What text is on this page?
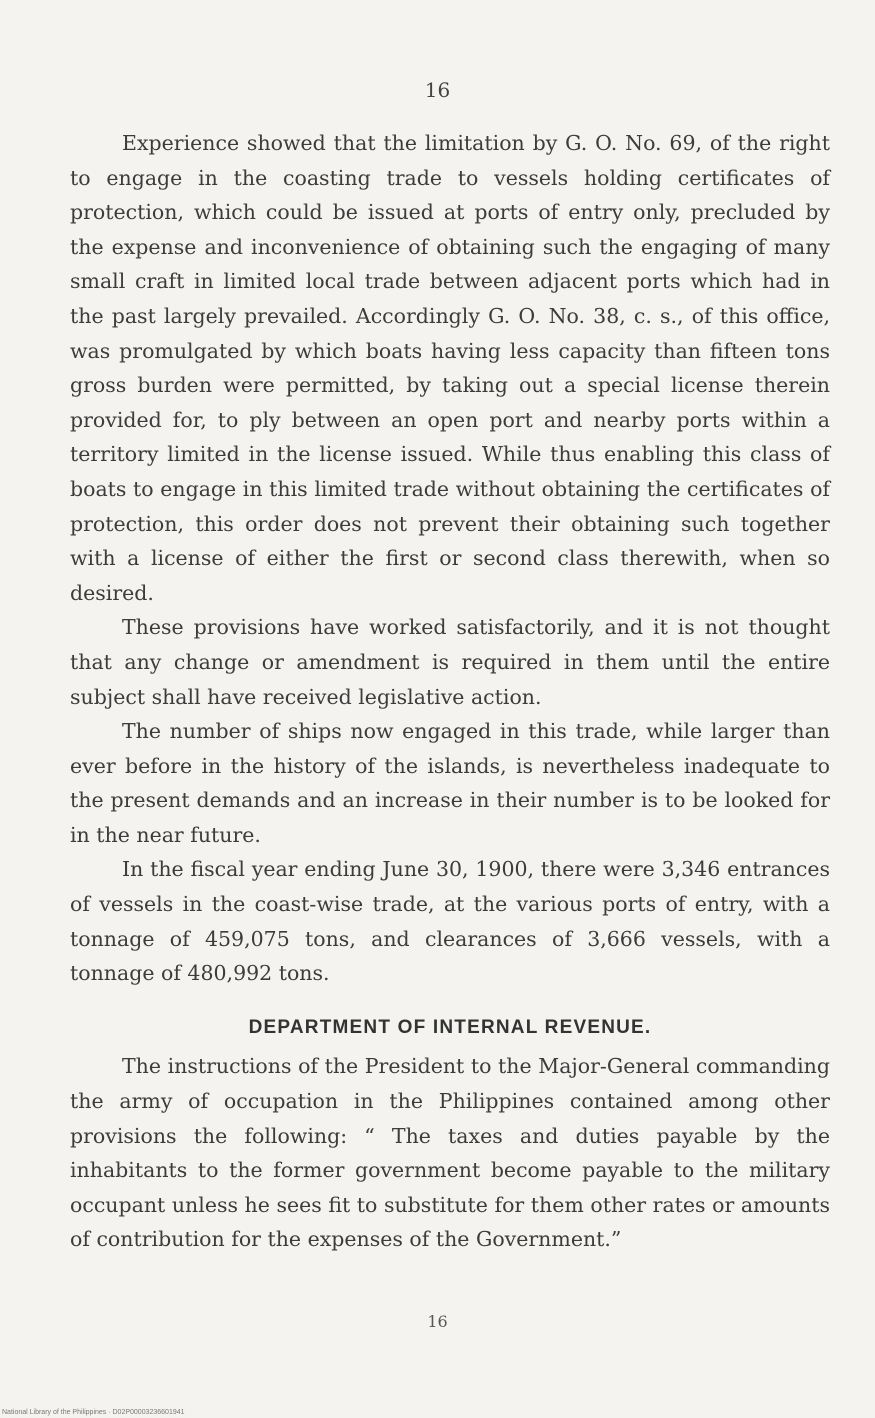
16

Experience showed that the limitation by G. O. No. 69, of the right to engage in the coasting trade to vessels holding certificates of protection, which could be issued at ports of entry only, precluded by the expense and inconvenience of obtaining such the engaging of many small craft in limited local trade between adjacent ports which had in the past largely prevailed. Accordingly G. O. No. 38, c. s., of this office, was promulgated by which boats having less capacity than fifteen tons gross burden were permitted, by taking out a special license therein provided for, to ply between an open port and nearby ports within a territory limited in the license issued. While thus enabling this class of boats to engage in this limited trade without obtaining the certificates of protection, this order does not prevent their obtaining such together with a license of either the first or second class therewith, when so desired.

These provisions have worked satisfactorily, and it is not thought that any change or amendment is required in them until the entire subject shall have received legislative action.

The number of ships now engaged in this trade, while larger than ever before in the history of the islands, is nevertheless inadequate to the present demands and an increase in their number is to be looked for in the near future.

In the fiscal year ending June 30, 1900, there were 3,346 entrances of vessels in the coast-wise trade, at the various ports of entry, with a tonnage of 459,075 tons, and clearances of 3,666 vessels, with a tonnage of 480,992 tons.

DEPARTMENT OF INTERNAL REVENUE.

The instructions of the President to the Major-General commanding the army of occupation in the Philippines contained among other provisions the following: “ The taxes and duties payable by the inhabitants to the former government become payable to the military occupant unless he sees fit to substitute for them other rates or amounts of contribution for the expenses of the Government.”

16
National Library of the Philippines · D02P00003236601941
